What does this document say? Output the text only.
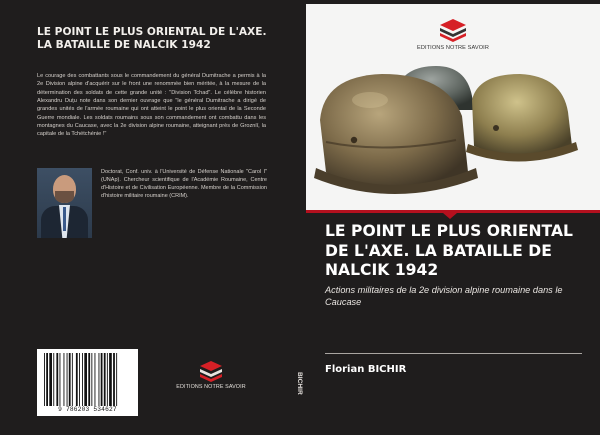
LE POINT LE PLUS ORIENTAL DE L'AXE. LA BATAILLE DE NALCIK 1942
Le courage des combattants sous le commandement du général Dumitrache a permis à la 2e Division alpine d'acquérir sur le front une renommée bien méritée, à la mesure de la détermination des soldats de cette grande unité : "Division Tchad". Le célèbre historien Alexandru Duțu note dans son dernier ouvrage que "le général Dumitrache a dirigé de grandes unités de l'armée roumaine qui ont atteint le point le plus oriental de la Seconde Guerre mondiale. Les soldats roumains sous son commandement ont combattu dans les montagnes du Caucase, avec la 2e division alpine roumaine, atteignant près de Grozniî, la capitale de la Tchétchénie !"
Doctorat, Conf. univ. à l'Université de Défense Nationale "Carol I" (UNAp). Chercheur scientifique de l'Académie Roumaine, Centre d'Histoire et de Civilisation Européenne. Membre de la Commission d'histoire militaire roumaine (CRIM).
9 786203 534627
EDITIONS NOTRE SAVOIR	BICHIR
EDITIONS NOTRE SAVOIR
LE POINT LE PLUS ORIENTAL DE L'AXE. LA BATAILLE DE NALCIK 1942
Actions militaires de la 2e division alpine roumaine dans le Caucase
Florian BICHIR
